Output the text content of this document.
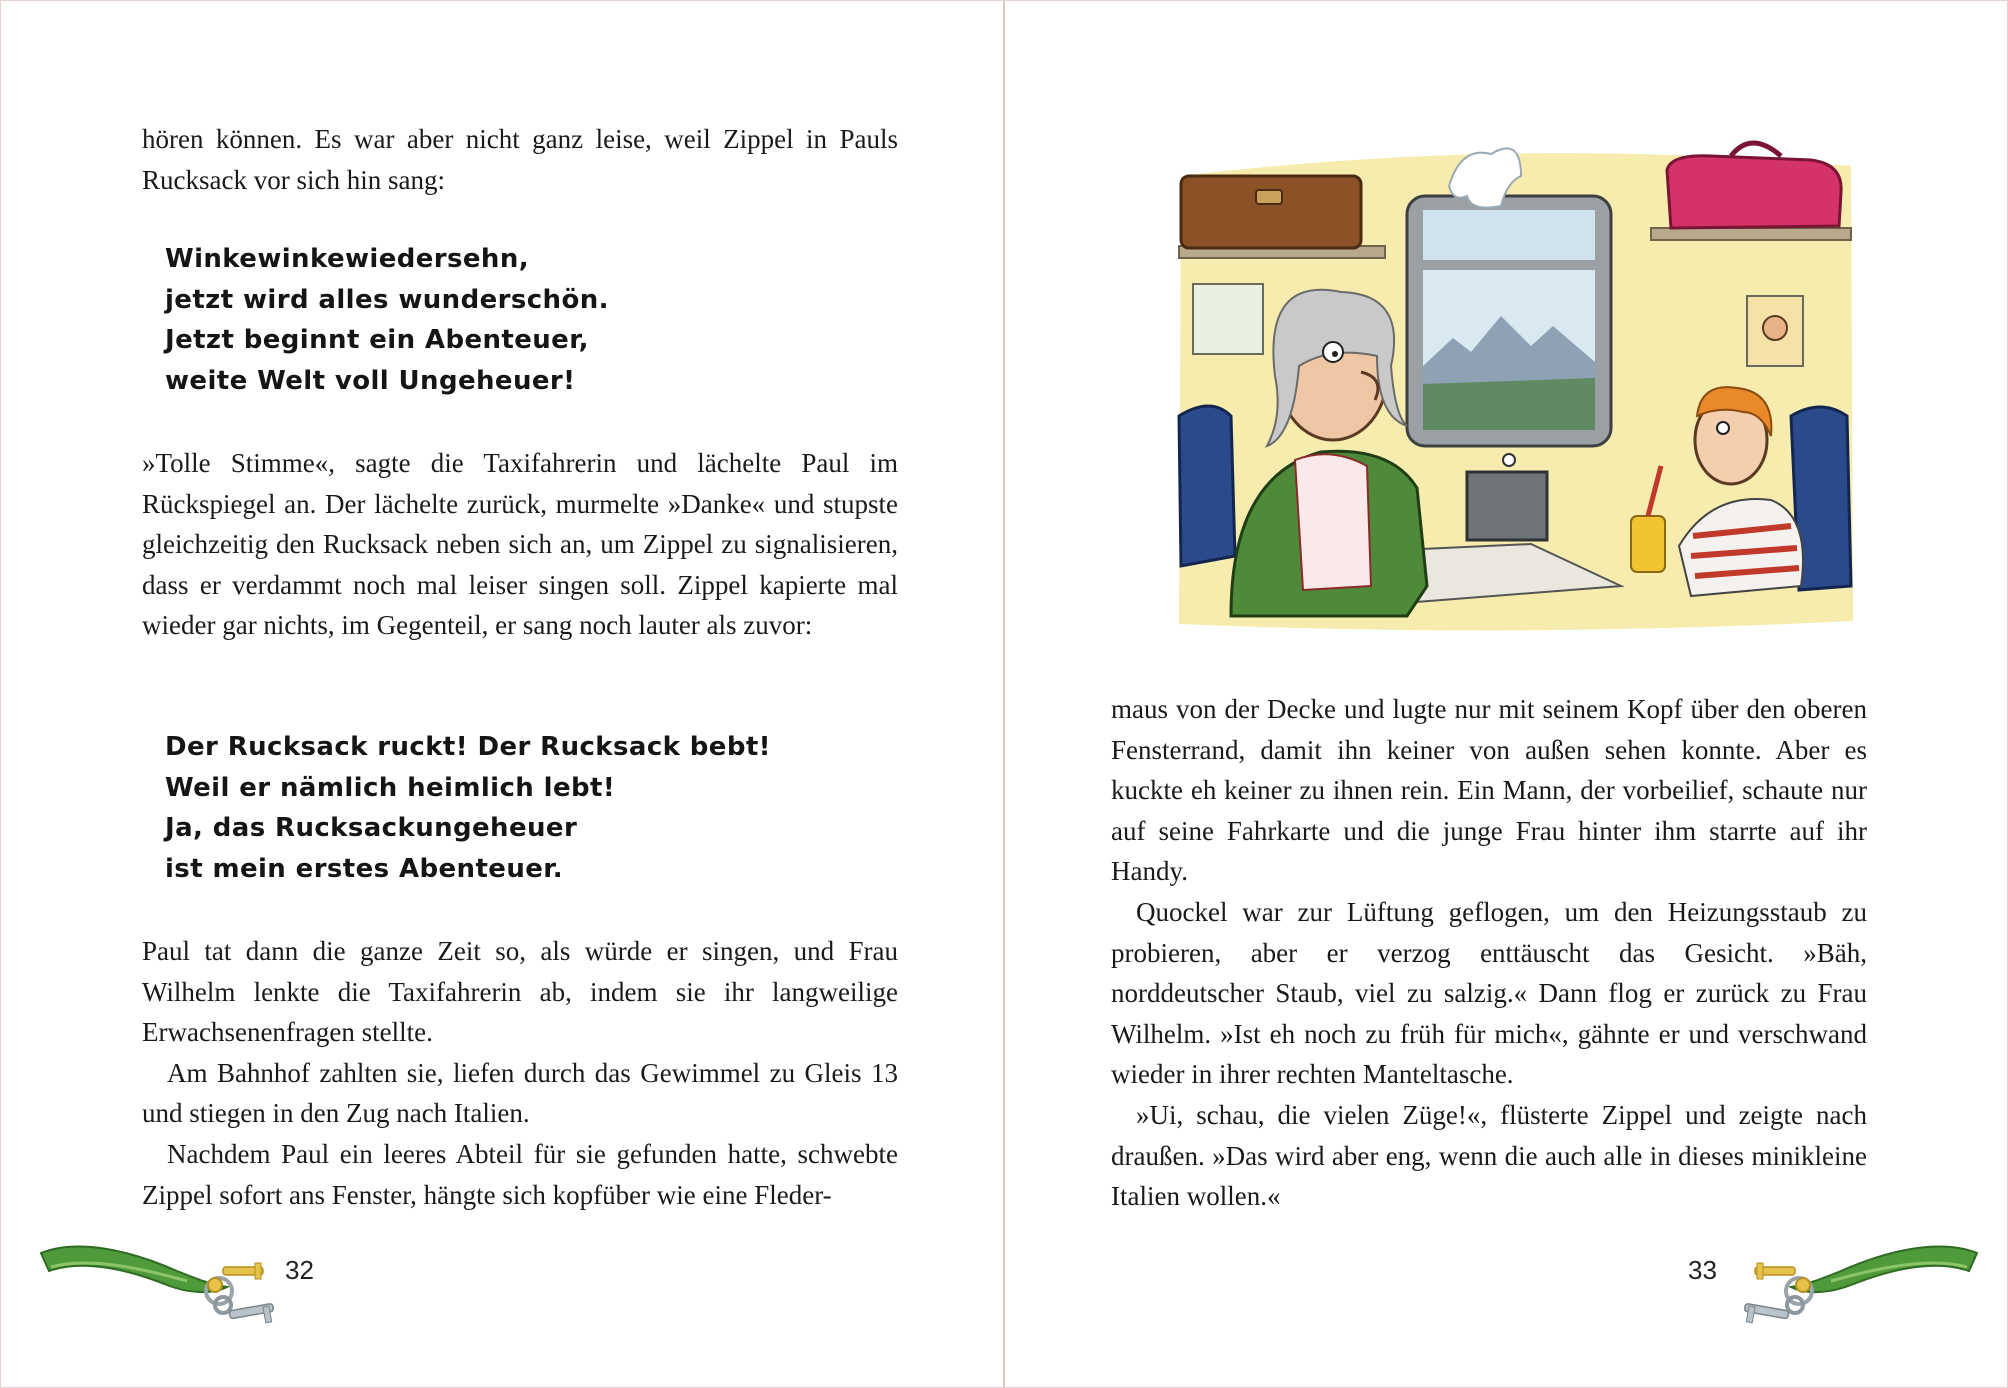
hören können. Es war aber nicht ganz leise, weil Zippel in Pauls Rucksack vor sich hin sang:

Winkewinkewiedersehn,
jetzt wird alles wunderschön.
Jetzt beginnt ein Abenteuer,
weite Welt voll Ungeheuer!

»Tolle Stimme«, sagte die Taxifahrerin und lächelte Paul im Rückspiegel an. Der lächelte zurück, murmelte »Danke« und stupste gleichzeitig den Rucksack neben sich an, um Zippel zu signalisieren, dass er verdammt noch mal leiser singen soll. Zippel kapierte mal wieder gar nichts, im Gegenteil, er sang noch lauter als zuvor:

Der Rucksack ruckt! Der Rucksack bebt!
Weil er nämlich heimlich lebt!
Ja, das Rucksackungeheuer
ist mein erstes Abenteuer.

Paul tat dann die ganze Zeit so, als würde er singen, und Frau Wilhelm lenkte die Taxifahrerin ab, indem sie ihr langweilige Erwachsenenfragen stellte.

Am Bahnhof zahlten sie, liefen durch das Gewimmel zu Gleis 13 und stiegen in den Zug nach Italien.

Nachdem Paul ein leeres Abteil für sie gefunden hatte, schwebte Zippel sofort ans Fenster, hängte sich kopfüber wie eine Fleder-

32

maus von der Decke und lugte nur mit seinem Kopf über den oberen Fensterrand, damit ihn keiner von außen sehen konnte. Aber es kuckte eh keiner zu ihnen rein. Ein Mann, der vorbeilief, schaute nur auf seine Fahrkarte und die junge Frau hinter ihm starrte auf ihr Handy.

Quockel war zur Lüftung geflogen, um den Heizungsstaub zu probieren, aber er verzog enttäuscht das Gesicht. »Bäh, norddeutscher Staub, viel zu salzig.« Dann flog er zurück zu Frau Wilhelm. »Ist eh noch zu früh für mich«, gähnte er und verschwand wieder in ihrer rechten Manteltasche.

»Ui, schau, die vielen Züge!«, flüsterte Zippel und zeigte nach draußen. »Das wird aber eng, wenn die auch alle in dieses minikleine Italien wollen.«

33
